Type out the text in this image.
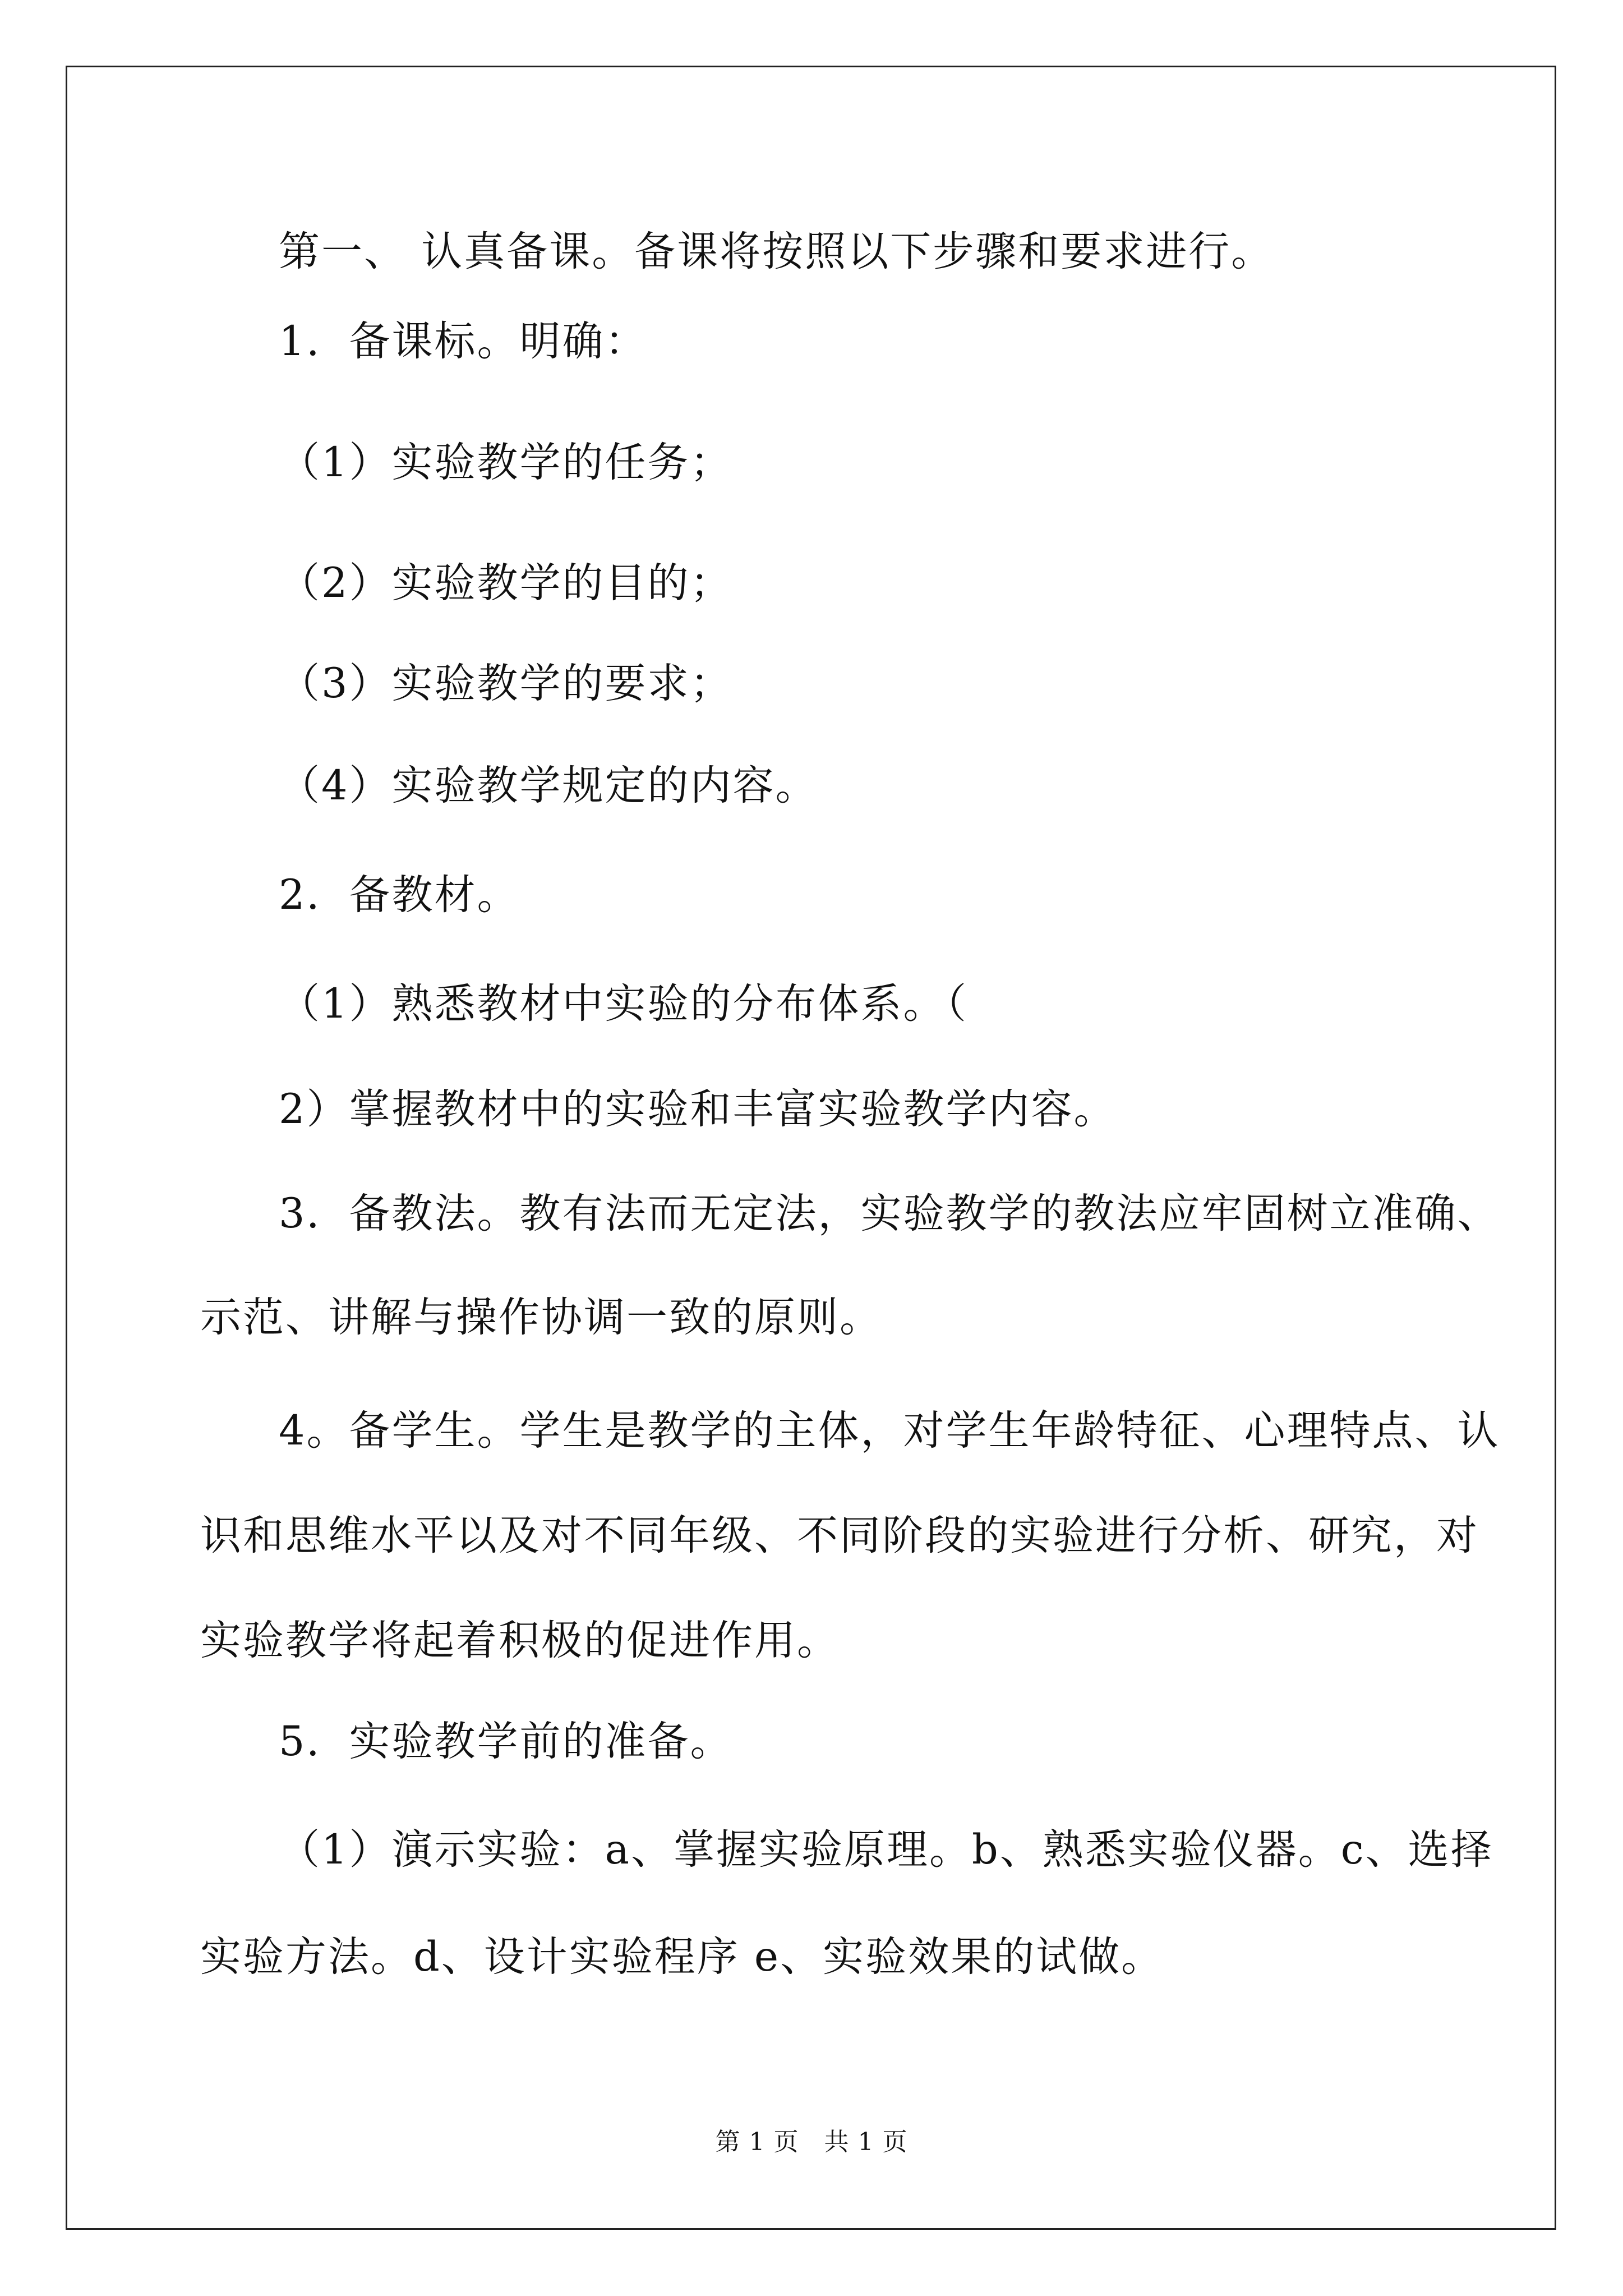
第一、 认真备课。备课将按照以下步骤和要求进行。
1．备课标。明确：
（1）实验教学的任务；
（2）实验教学的目的；
（3）实验教学的要求；
（4）实验教学规定的内容。
2．备教材。
（1）熟悉教材中实验的分布体系。（
2）掌握教材中的实验和丰富实验教学内容。
3．备教法。教有法而无定法，实验教学的教法应牢固树立准确、
示范、讲解与操作协调一致的原则。
4。备学生。学生是教学的主体，对学生年龄特征、心理特点、认
识和思维水平以及对不同年级、不同阶段的实验进行分析、研究，对
实验教学将起着积极的促进作用。
5．实验教学前的准备。
（1）演示实验：a、掌握实验原理。b、熟悉实验仪器。c、选择
实验方法。d、设计实验程序 e、实验效果的试做。
第 1 页　共 1 页
